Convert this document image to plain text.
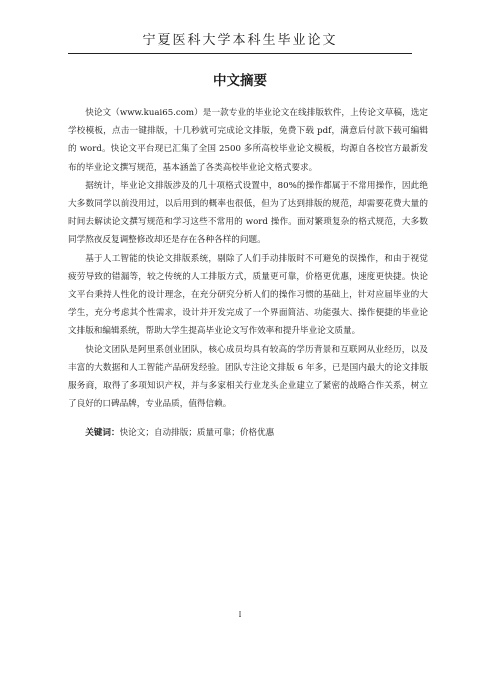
宁夏医科大学本科生毕业论文
中文摘要

快论文（www.kuai65.com）是一款专业的毕业论文在线排版软件，上传论文草稿，选定学校模板，点击一键排版，十几秒就可完成论文排版，免费下载 pdf，满意后付款下载可编辑的 word。快论文平台现已汇集了全国 2500 多所高校毕业论文模板，均源自各校官方最新发布的毕业论文撰写规范，基本涵盖了各类高校毕业论文格式要求。

据统计，毕业论文排版涉及的几十项格式设置中，80%的操作都属于不常用操作，因此绝大多数同学以前没用过，以后用到的概率也很低，但为了达到排版的规范，却需要花费大量的时间去解读论文撰写规范和学习这些不常用的 word 操作。面对繁琐复杂的格式规范，大多数同学熬夜反复调整修改却还是存在各种各样的问题。

基于人工智能的快论文排版系统，剔除了人们手动排版时不可避免的误操作，和由于视觉疲劳导致的错漏等，较之传统的人工排版方式，质量更可靠，价格更优惠，速度更快捷。快论文平台秉持人性化的设计理念，在充分研究分析人们的操作习惯的基础上，针对应届毕业的大学生，充分考虑其个性需求，设计并开发完成了一个界面简洁、功能强大、操作便捷的毕业论文排版和编辑系统，帮助大学生提高毕业论文写作效率和提升毕业论文质量。

快论文团队是阿里系创业团队，核心成员均具有较高的学历背景和互联网从业经历，以及丰富的大数据和人工智能产品研发经验。团队专注论文排版 6 年多，已是国内最大的论文排版服务商，取得了多项知识产权，并与多家相关行业龙头企业建立了紧密的战略合作关系，树立了良好的口碑品牌，专业品质，值得信赖。

关键词：快论文；自动排版；质量可靠；价格优惠

I
